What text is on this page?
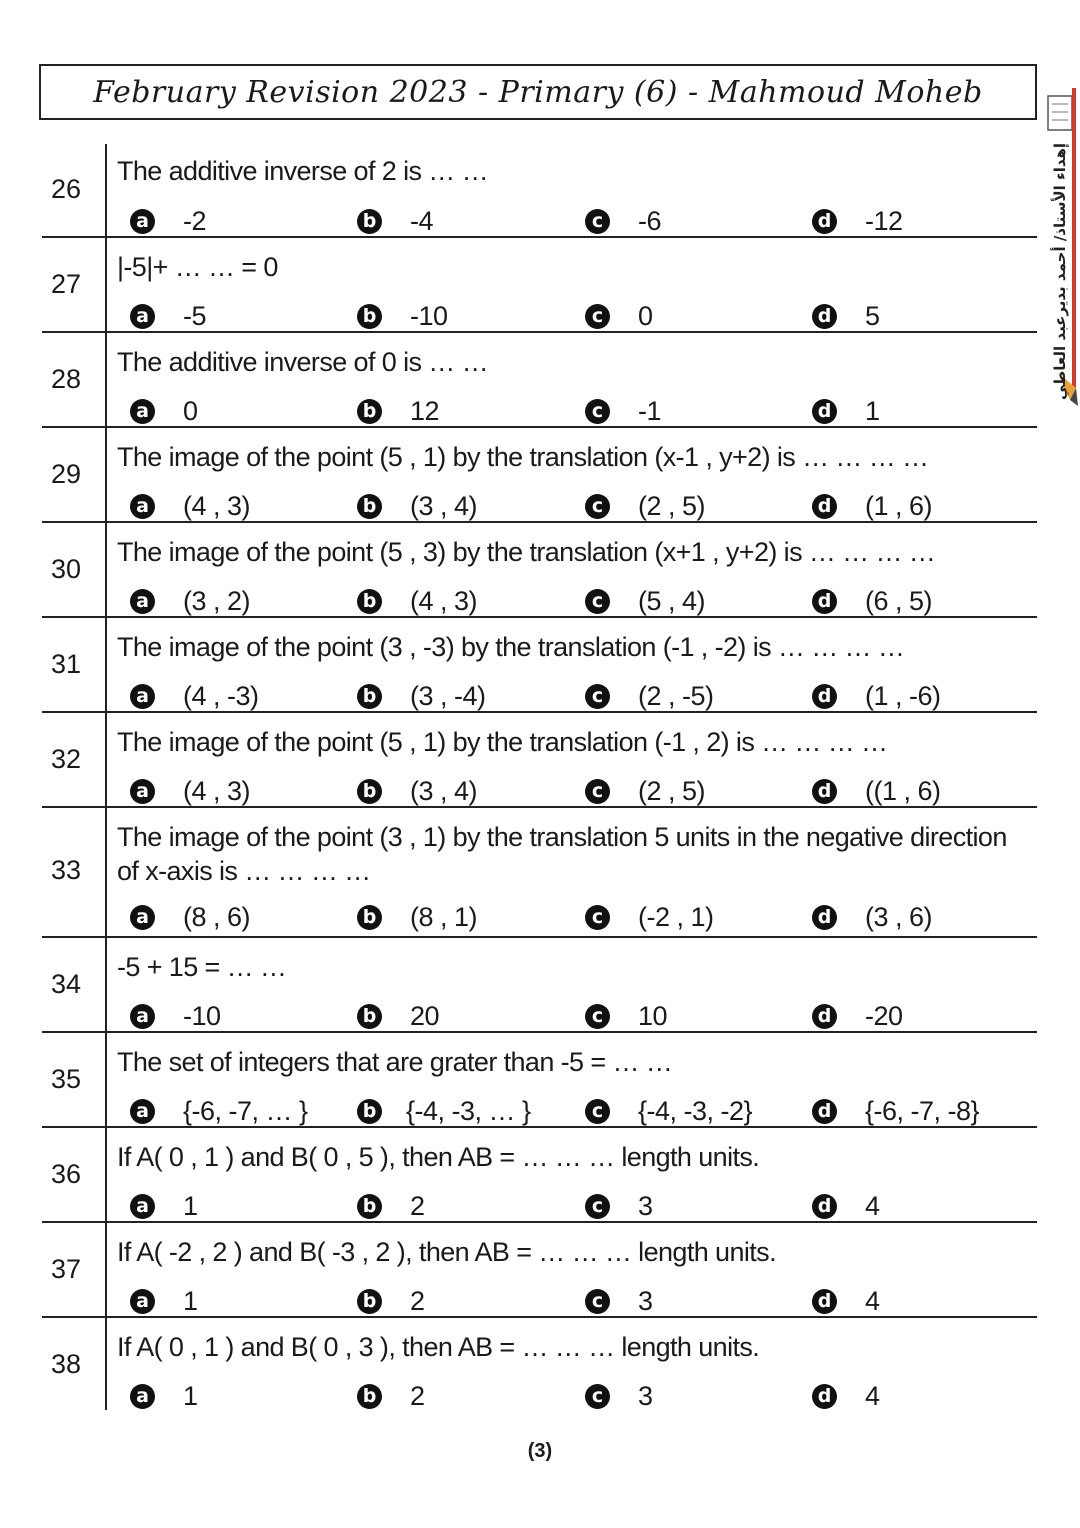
February Revision 2023 - Primary (6) - Mahmoud Moheb
إهداء الأستاذ/ أحمد بديرعبد العاطي
26
The additive inverse of 2 is … …
a -2	b -4	c -6	d -12
27
|-5|+ … … = 0
a -5	b -10	c 0	d 5
28
The additive inverse of 0 is … …
a 0	b 12	c -1	d 1
29
The image of the point (5 , 1) by the translation (x-1 , y+2) is … … … …
a (4 , 3)	b (3 , 4)	c (2 , 5)	d (1 , 6)
30
The image of the point (5 , 3) by the translation (x+1 , y+2) is … … … …
a (3 , 2)	b (4 , 3)	c (5 , 4)	d (6 , 5)
31
The image of the point (3 , -3) by the translation (-1 , -2) is … … … …
a (4 , -3)	b (3 , -4)	c (2 , -5)	d (1 , -6)
32
The image of the point (5 , 1) by the translation (-1 , 2) is … … … …
a (4 , 3)	b (3 , 4)	c (2 , 5)	d ((1 , 6)
33
The image of the point (3 , 1) by the translation 5 units in the negative direction
of x-axis is … … … …
a (8 , 6)	b (8 , 1)	c (-2 , 1)	d (3 , 6)
34
-5 + 15 = … …
a -10	b 20	c 10	d -20
35
The set of integers that are grater than -5 = … …
a {-6, -7, … }	b {-4, -3, … }	c {-4, -3, -2}	d {-6, -7, -8}
36
If A( 0 , 1 ) and B( 0 , 5 ), then AB = … … … length units.
a 1	b 2	c 3	d 4
37
If A( -2 , 2 ) and B( -3 , 2 ), then AB = … … … length units.
a 1	b 2	c 3	d 4
38
If A( 0 , 1 ) and B( 0 , 3 ), then AB = … … … length units.
a 1	b 2	c 3	d 4
(3)
